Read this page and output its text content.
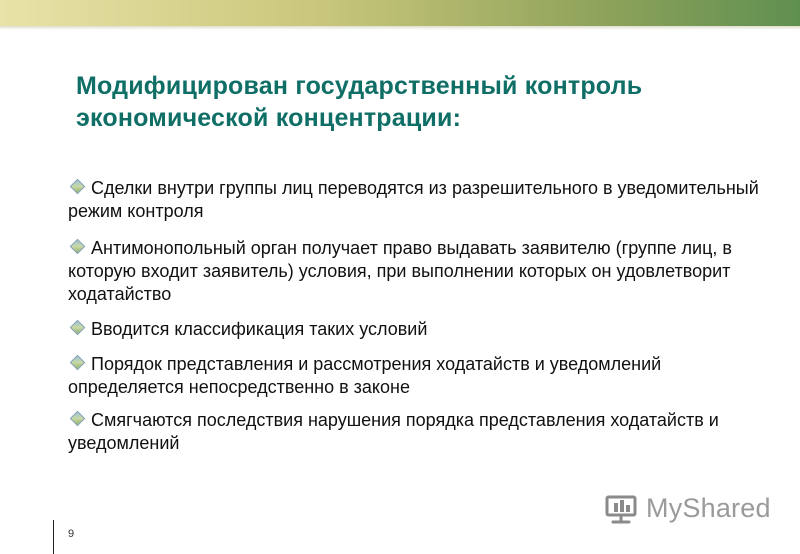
Модифицирован государственный контроль экономической концентрации:
Сделки внутри группы лиц переводятся из разрешительного в уведомительный режим контроля
Антимонопольный орган получает право выдавать заявителю (группе лиц, в которую входит заявитель) условия, при выполнении которых он удовлетворит ходатайство
Вводится классификация таких условий
Порядок представления и рассмотрения ходатайств и уведомлений определяется непосредственно в законе
Смягчаются последствия нарушения порядка представления ходатайств и уведомлений
9
MyShared
